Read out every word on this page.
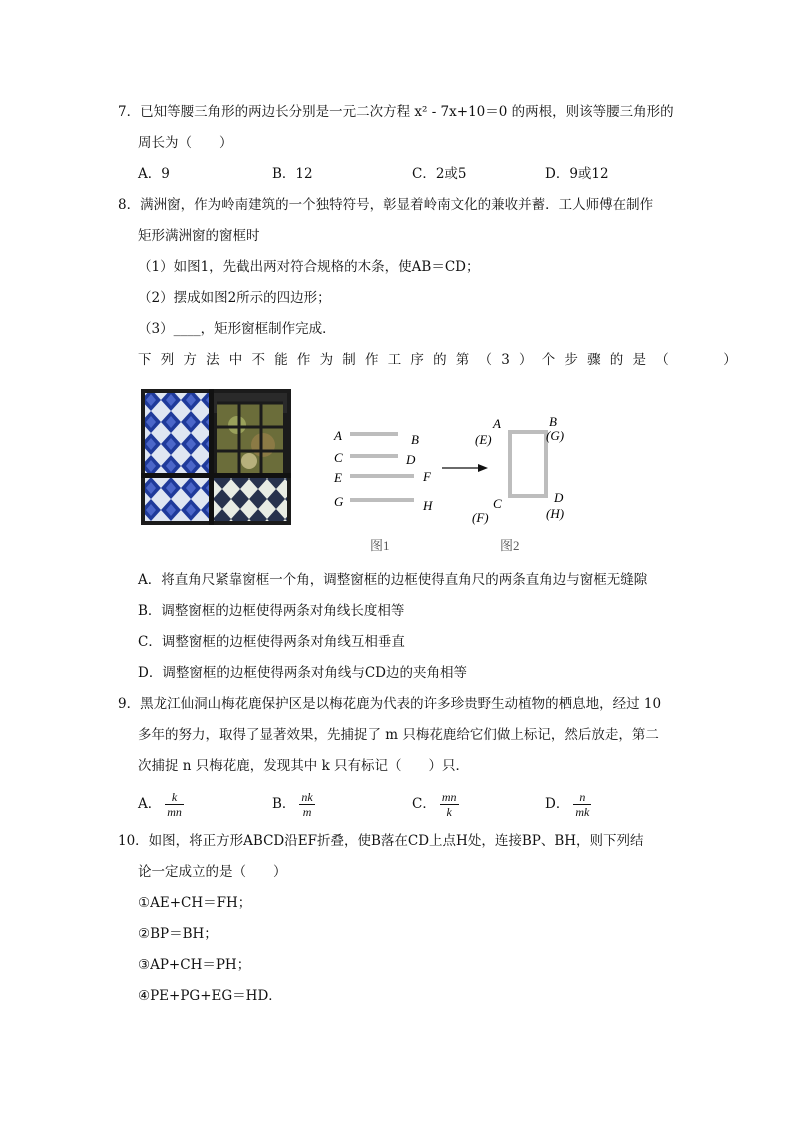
7．已知等腰三角形的两边长分别是一元二次方程 x² ‑ 7x+10＝0 的两根，则该等腰三角形的
周长为（　　）
A．9	B．12	C．2或5	D．9或12
8．满洲窗，作为岭南建筑的一个独特符号，彰显着岭南文化的兼收并蓄．工人师傅在制作
矩形满洲窗的窗框时
（1）如图1，先截出两对符合规格的木条，使AB＝CD；
（2）摆成如图2所示的四边形；
（3）____，矩形窗框制作完成．
下列方法中不能作为制作工序的第（3）个步骤的是（　　）
A
C
E
G
B
D
F
H
A
(E)
B
(G)
C
(F)
D
(H)
图1	图2
A．将直角尺紧靠窗框一个角，调整窗框的边框使得直角尺的两条直角边与窗框无缝隙
B．调整窗框的边框使得两条对角线长度相等
C．调整窗框的边框使得两条对角线互相垂直
D．调整窗框的边框使得两条对角线与CD边的夹角相等
9．黑龙江仙洞山梅花鹿保护区是以梅花鹿为代表的许多珍贵野生动植物的栖息地，经过 10
多年的努力，取得了显著效果，先捕捉了 m 只梅花鹿给它们做上标记，然后放走，第二
次捕捉 n 只梅花鹿，发现其中 k 只有标记（　　）只．
A． $\frac{k}{mn}$	B． $\frac{nk}{m}$	C． $\frac{mn}{k}$	D． $\frac{n}{mk}$
10．如图，将正方形ABCD沿EF折叠，使B落在CD上点H处，连接BP、BH，则下列结
论一定成立的是（　　）
①AE+CH＝FH；
②BP＝BH；
③AP+CH＝PH；
④PE+PG+EG＝HD．
